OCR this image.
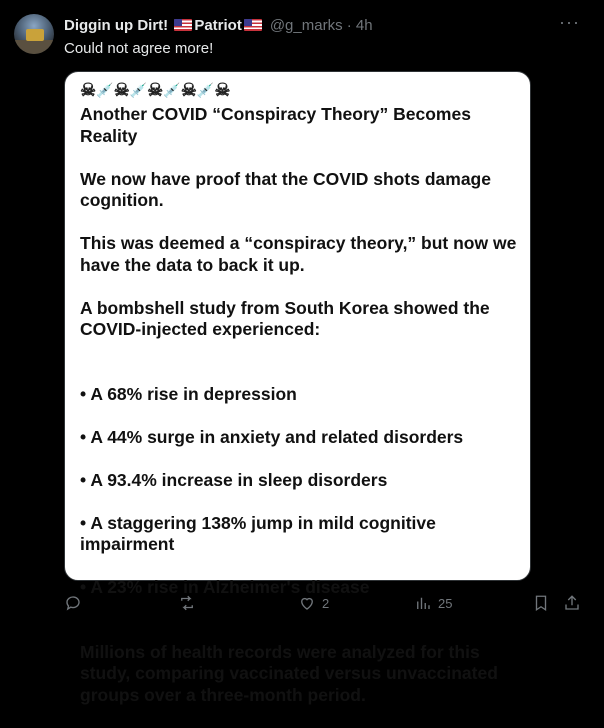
Diggin up Dirt! Patriot	@g_marks · 4h	···
Could not agree more!
☠ 💉 ☠ 💉 ☠ 💉 ☠ 💉 ☠
Another COVID “Conspiracy Theory” Becomes Reality
We now have proof that the COVID shots damage cognition.
This was deemed a “conspiracy theory,” but now we have the data to back it up.
A bombshell study from South Korea showed the COVID-injected experienced:

• A 68% rise in depression

• A 44% surge in anxiety and related disorders

• A 93.4% increase in sleep disorders

• A staggering 138% jump in mild cognitive impairment

• A 23% rise in Alzheimer's disease

Millions of health records were analyzed for this study, comparing vaccinated versus unvaccinated groups over a three-month period.
2	25
